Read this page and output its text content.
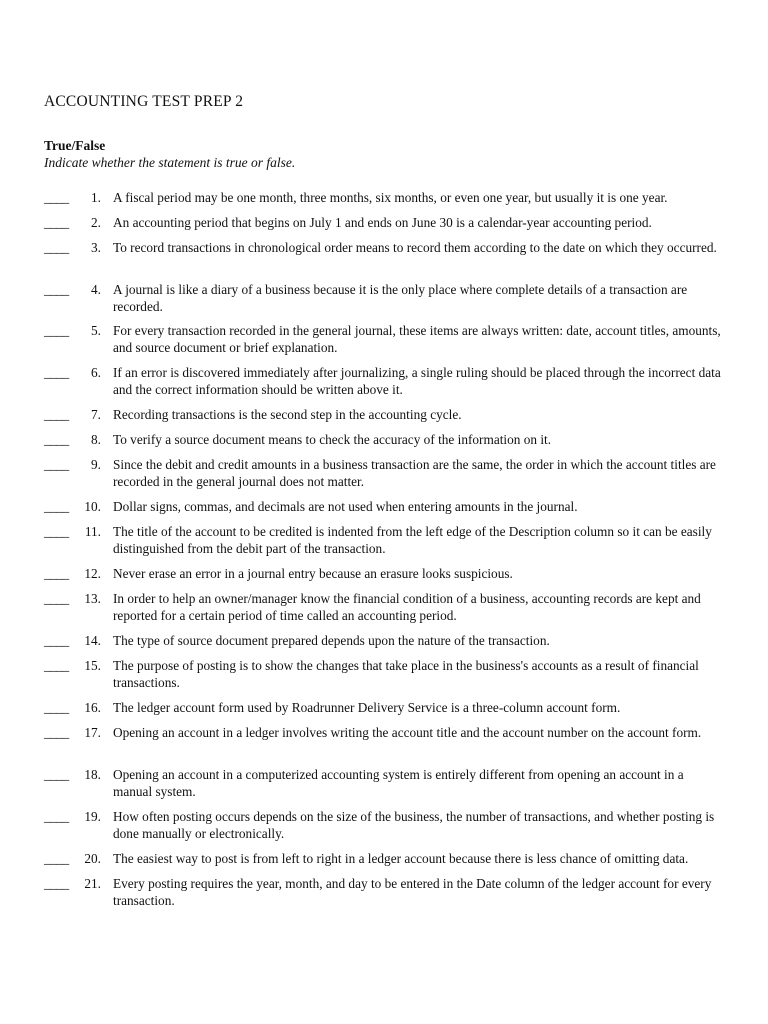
ACCOUNTING TEST PREP 2
True/False
Indicate whether the statement is true or false.
____	1. A fiscal period may be one month, three months, six months, or even one year, but usually it is one year.
____	2. An accounting period that begins on July 1 and ends on June 30 is a calendar-year accounting period.
____	3. To record transactions in chronological order means to record them according to the date on which they occurred.
____	4. A journal is like a diary of a business because it is the only place where complete details of a transaction are recorded.
____	5. For every transaction recorded in the general journal, these items are always written: date, account titles, amounts, and source document or brief explanation.
____	6. If an error is discovered immediately after journalizing, a single ruling should be placed through the incorrect data and the correct information should be written above it.
____	7. Recording transactions is the second step in the accounting cycle.
____	8. To verify a source document means to check the accuracy of the information on it.
____	9. Since the debit and credit amounts in a business transaction are the same, the order in which the account titles are recorded in the general journal does not matter.
____	10. Dollar signs, commas, and decimals are not used when entering amounts in the journal.
____	11. The title of the account to be credited is indented from the left edge of the Description column so it can be easily distinguished from the debit part of the transaction.
____	12. Never erase an error in a journal entry because an erasure looks suspicious.
____	13. In order to help an owner/manager know the financial condition of a business, accounting records are kept and reported for a certain period of time called an accounting period.
____	14. The type of source document prepared depends upon the nature of the transaction.
____	15. The purpose of posting is to show the changes that take place in the business's accounts as a result of financial transactions.
____	16. The ledger account form used by Roadrunner Delivery Service is a three-column account form.
____	17. Opening an account in a ledger involves writing the account title and the account number on the account form.
____	18. Opening an account in a computerized accounting system is entirely different from opening an account in a manual system.
____	19. How often posting occurs depends on the size of the business, the number of transactions, and whether posting is done manually or electronically.
____	20. The easiest way to post is from left to right in a ledger account because there is less chance of omitting data.
____	21. Every posting requires the year, month, and day to be entered in the Date column of the ledger account for every transaction.
